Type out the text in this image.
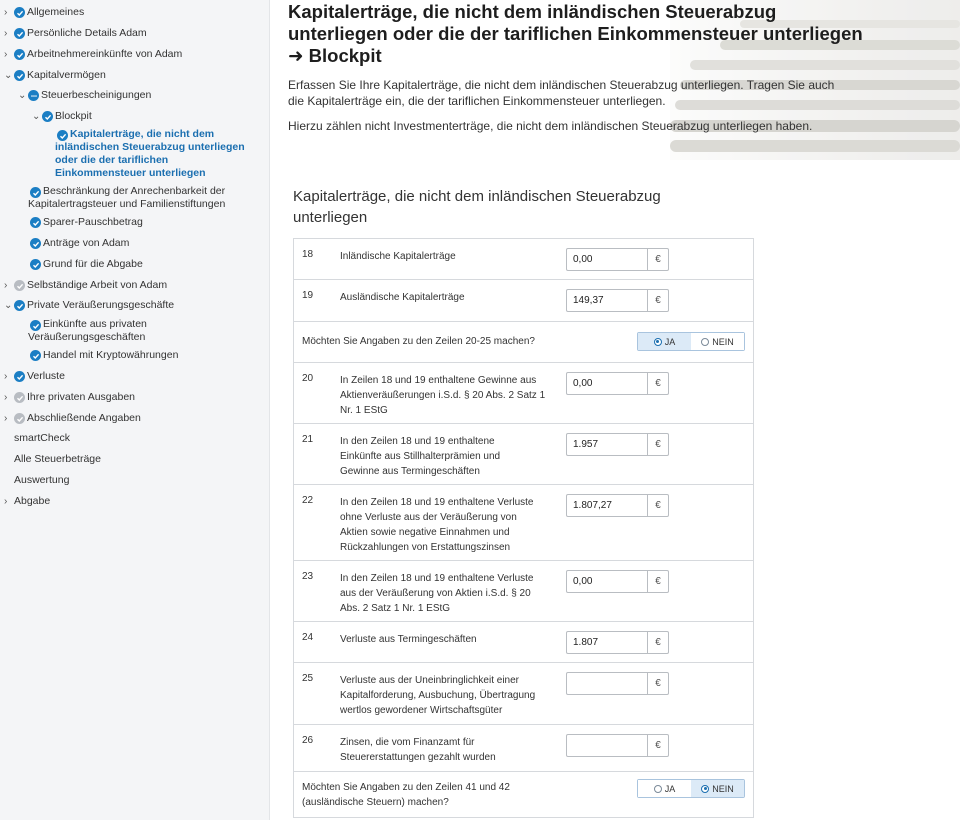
›	Allgemeines
›	Persönliche Details Adam
›	Arbeitnehmereinkünfte von Adam
⌄ Kapitalvermögen
⌄ Steuerbescheinigungen
⌄ Blockpit
Kapitalerträge, die nicht dem
inländischen Steuerabzug unterliegen
oder die der tariflichen
Einkommensteuer unterliegen
Beschränkung der Anrechenbarkeit der
Kapitalertragsteuer und Familienstiftungen
Sparer-Pauschbetrag
Anträge von Adam
Grund für die Abgabe
›	Selbständige Arbeit von Adam
⌄ Private Veräußerungsgeschäfte
Einkünfte aus privaten
Veräußerungsgeschäften
Handel mit Kryptowährungen
›	Verluste
›	Ihre privaten Ausgaben
›	Abschließende Angaben
smartCheck
Alle Steuerbeträge
Auswertung
› Abgabe
Kapitalerträge, die nicht dem inländischen Steuerabzug
unterliegen oder die der tariflichen Einkommensteuer unterliegen
➜ Blockpit
Erfassen Sie Ihre Kapitalerträge, die nicht dem inländischen Steuerabzug unterliegen. Tragen Sie auch
die Kapitalerträge ein, die der tariflichen Einkommensteuer unterliegen.
Hierzu zählen nicht Investmenterträge, die nicht dem inländischen Steuerabzug unterliegen haben.
Kapitalerträge, die nicht dem inländischen Steuerabzug
unterliegen
18	Inländische Kapitalerträge	0,00	€
19	Ausländische Kapitalerträge	149,37	€
Möchten Sie Angaben zu den Zeilen 20-25 machen?	JA	NEIN
20	In Zeilen 18 und 19 enthaltene Gewinne aus
Aktienveräußerungen i.S.d. § 20 Abs. 2 Satz 1
Nr. 1 EStG
0,00	€
21	In den Zeilen 18 und 19 enthaltene
Einkünfte aus Stillhalterprämien und
Gewinne aus Termingeschäften
1.957	€
22	In den Zeilen 18 und 19 enthaltene Verluste
ohne Verluste aus der Veräußerung von
Aktien sowie negative Einnahmen und
Rückzahlungen von Erstattungszinsen
1.807,27	€
23	In den Zeilen 18 und 19 enthaltene Verluste
aus der Veräußerung von Aktien i.S.d. § 20
Abs. 2 Satz 1 Nr. 1 EStG
0,00	€
24	Verluste aus Termingeschäften	1.807	€
25	Verluste aus der Uneinbringlichkeit einer
Kapitalforderung, Ausbuchung, Übertragung
wertlos gewordener Wirtschaftsgüter
€
26	Zinsen, die vom Finanzamt für
Steuererstattungen gezahlt wurden
€
Möchten Sie Angaben zu den Zeilen 41 und 42
(ausländische Steuern) machen?
JA	NEIN
